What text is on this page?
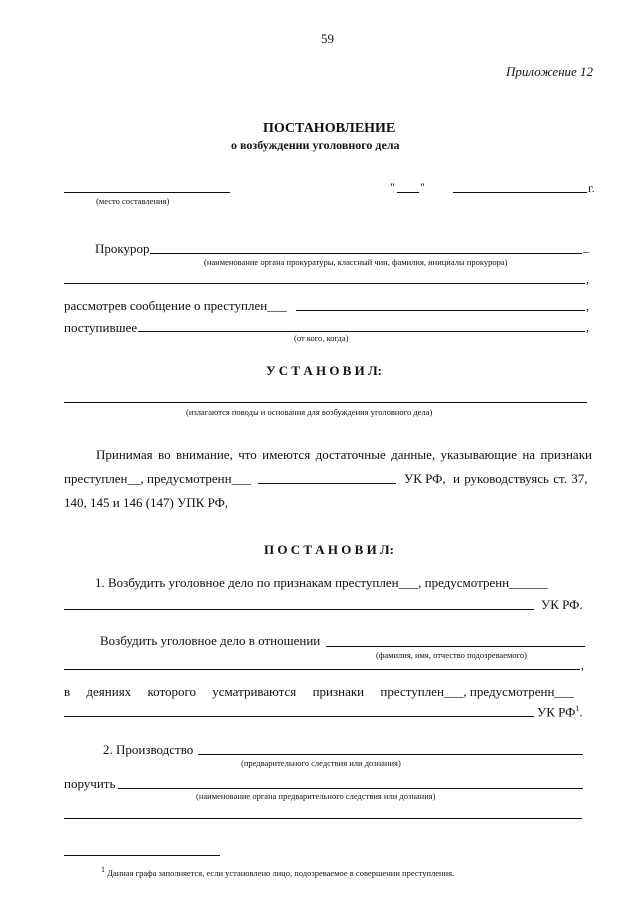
59
Приложение 12
ПОСТАНОВЛЕНИЕ
о возбуждении уголовного дела
(место составления)
" "	г.
Прокурор	_
(наименование органа прокуратуры, классный чин, фамилия, инициалы прокурора)
,
рассмотрев сообщение о преступлен___	,
поступившее	,
(от кого, когда)
У С Т А Н О В И Л:
(излагаются поводы и основания для возбуждения уголовного дела)
Принимая во внимание, что имеются достаточные данные, указывающие на признаки
преступлен__, предусмотренн___	УК РФ, и руководствуясь ст. 37,
140, 145 и 146 (147) УПК РФ,
П О С Т А Н О В И Л:
1. Возбудить уголовное дело по признакам преступлен___, предусмотренн______
УК РФ.
Возбудить уголовное дело в отношении
(фамилия, имя, отчество подозреваемого)
,
в деяниях которого усматриваются признаки преступлен___, предусмотренн___
УК $РФ^1$.
2. Производство
(предварительного следствия или дознания)
поручить
(наименование органа предварительного следствия или дознания)
1 Данная графа заполняется, если установлено лицо, подозреваемое в совершении преступления.
